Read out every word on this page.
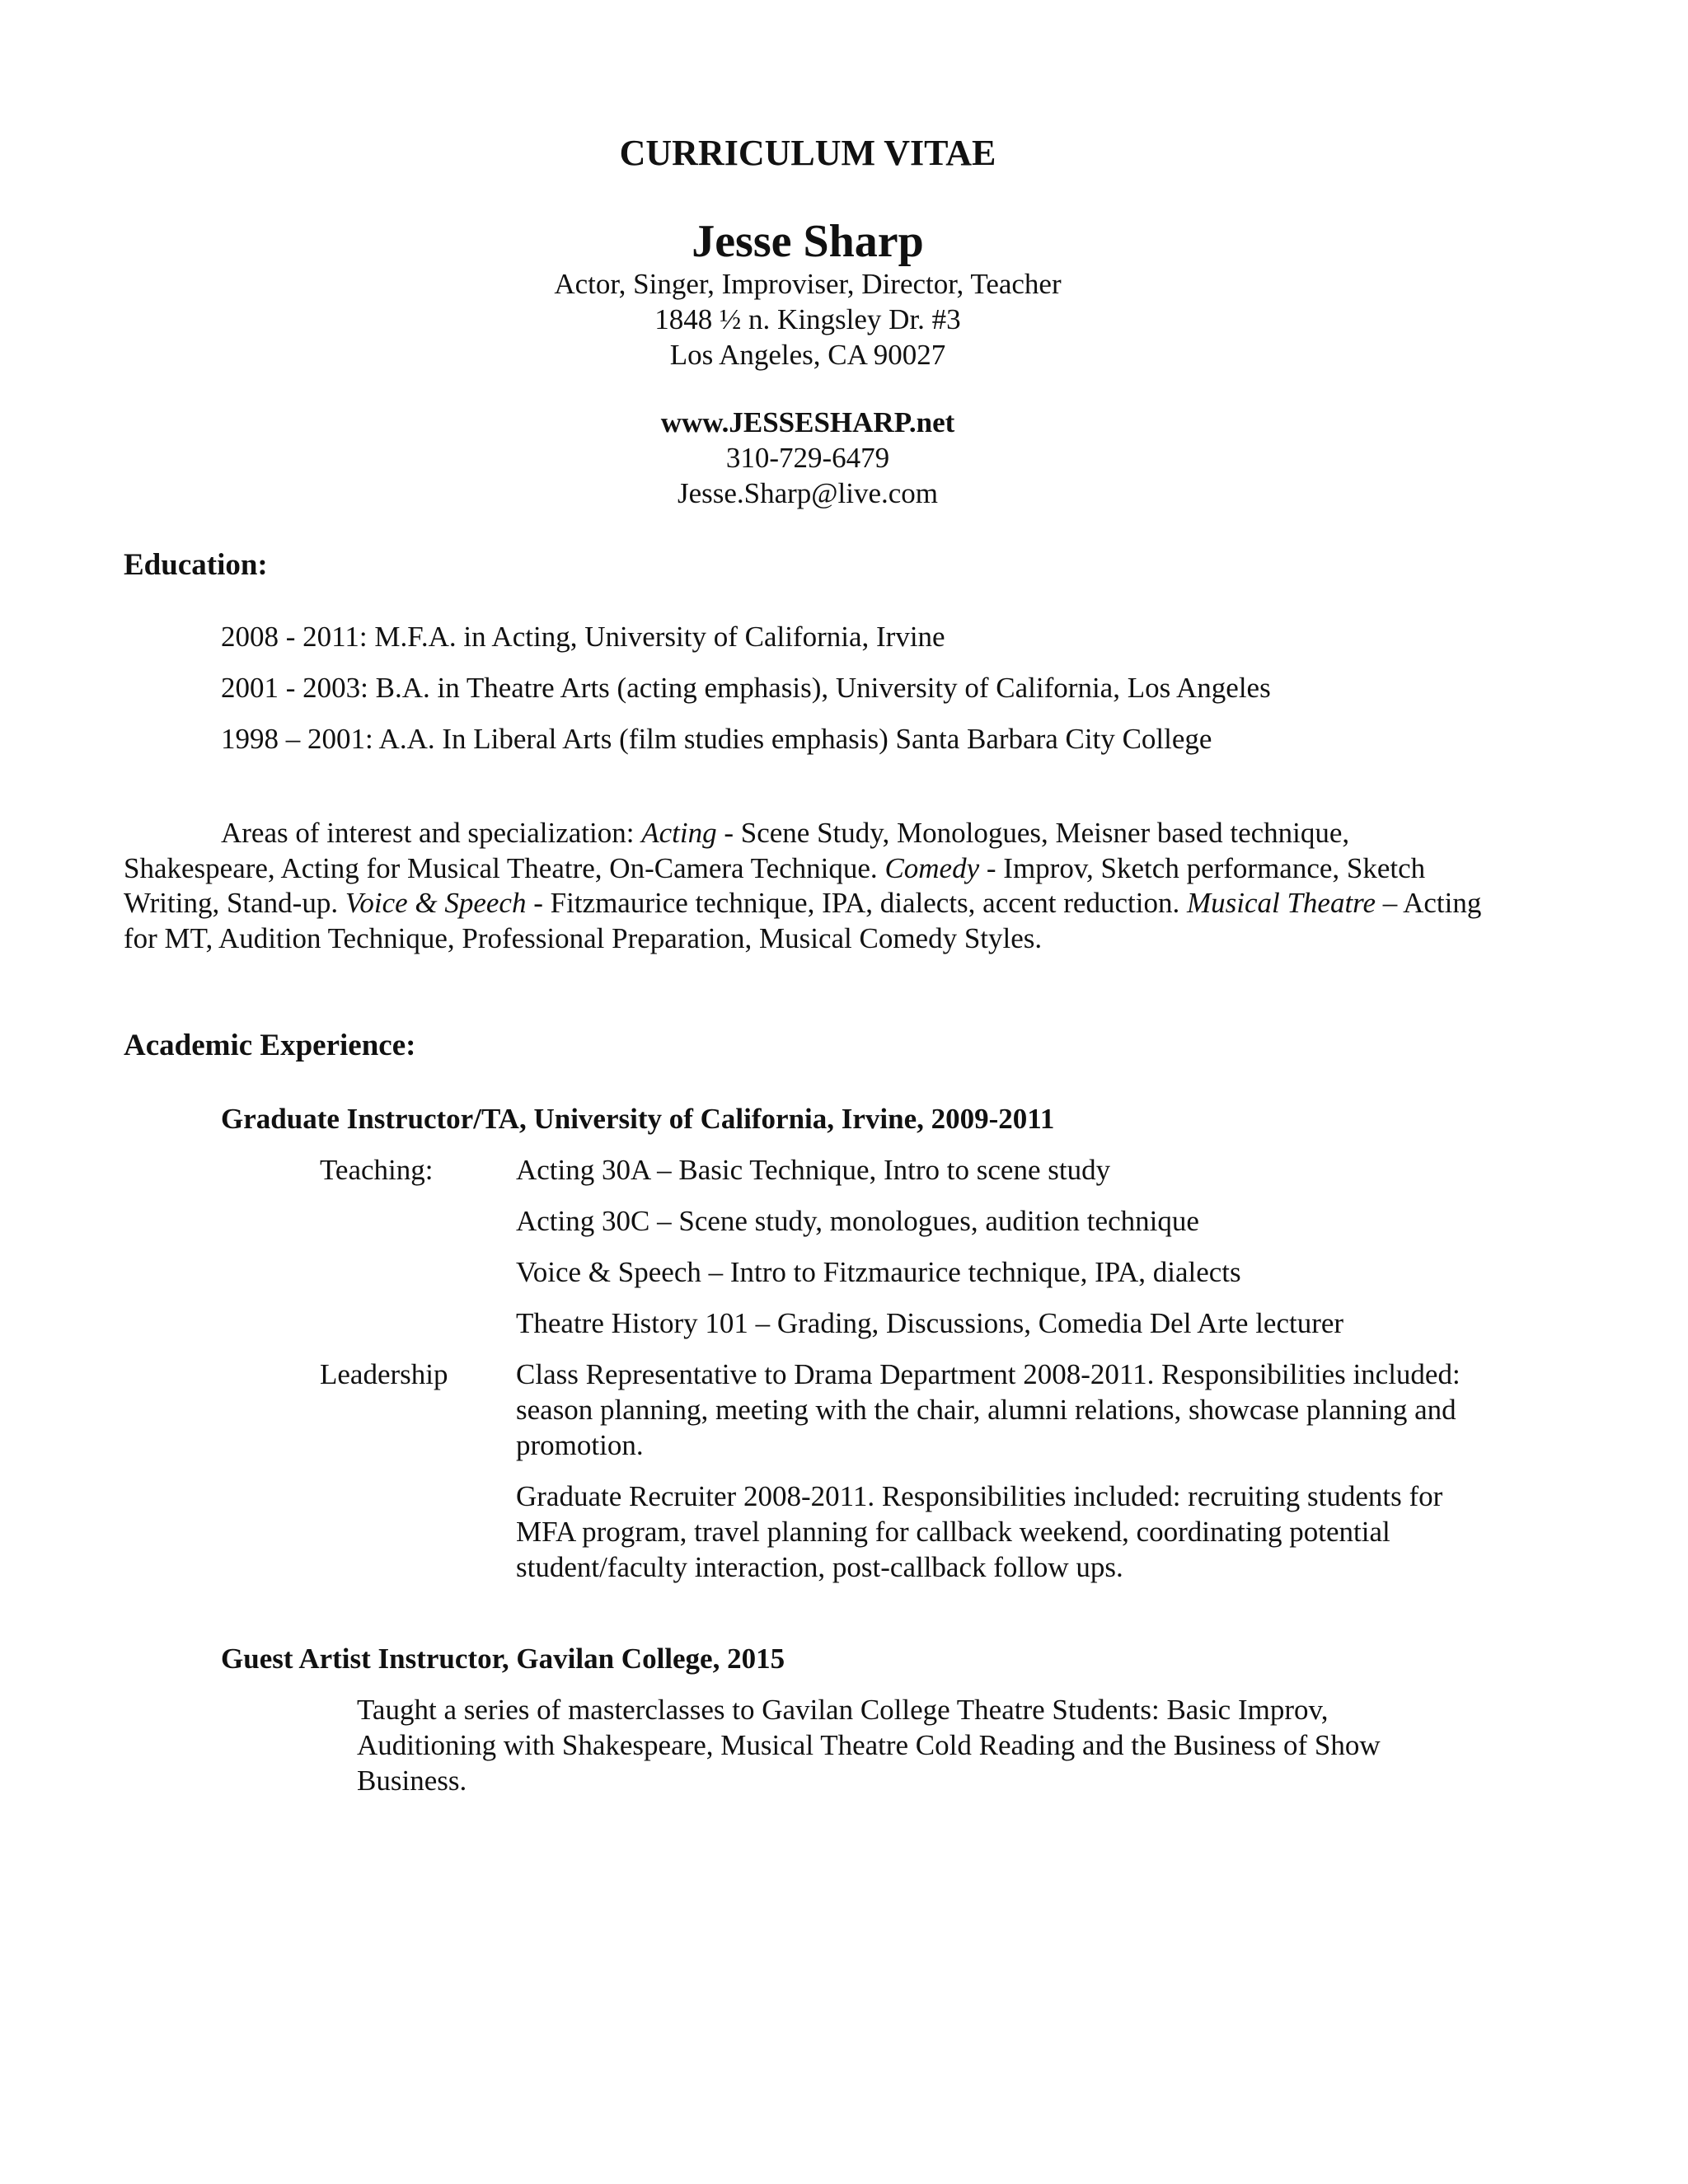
CURRICULUM VITAE
Jesse Sharp
Actor, Singer, Improviser, Director, Teacher
1848 ½ n. Kingsley Dr. #3
Los Angeles, CA 90027
www.JESSESHARP.net
310-729-6479
Jesse.Sharp@live.com
Education:
2008 - 2011: M.F.A. in Acting, University of California, Irvine
2001 - 2003: B.A. in Theatre Arts (acting emphasis), University of California, Los Angeles
1998 – 2001: A.A. In Liberal Arts (film studies emphasis) Santa Barbara City College
Areas of interest and specialization: Acting - Scene Study, Monologues, Meisner based technique, Shakespeare, Acting for Musical Theatre, On-Camera Technique. Comedy - Improv, Sketch performance, Sketch Writing, Stand-up. Voice & Speech - Fitzmaurice technique, IPA, dialects, accent reduction. Musical Theatre – Acting for MT, Audition Technique, Professional Preparation, Musical Comedy Styles.
Academic Experience:
Graduate Instructor/TA, University of California, Irvine, 2009-2011
Teaching:	Acting 30A – Basic Technique, Intro to scene study
Acting 30C – Scene study, monologues, audition technique
Voice & Speech – Intro to Fitzmaurice technique, IPA, dialects
Theatre History 101 – Grading, Discussions, Comedia Del Arte lecturer
Leadership Class Representative to Drama Department 2008-2011. Responsibilities included: season planning, meeting with the chair, alumni relations, showcase planning and promotion.
Graduate Recruiter 2008-2011. Responsibilities included: recruiting students for MFA program, travel planning for callback weekend, coordinating potential student/faculty interaction, post-callback follow ups.
Guest Artist Instructor, Gavilan College, 2015
Taught a series of masterclasses to Gavilan College Theatre Students: Basic Improv, Auditioning with Shakespeare, Musical Theatre Cold Reading and the Business of Show Business.
